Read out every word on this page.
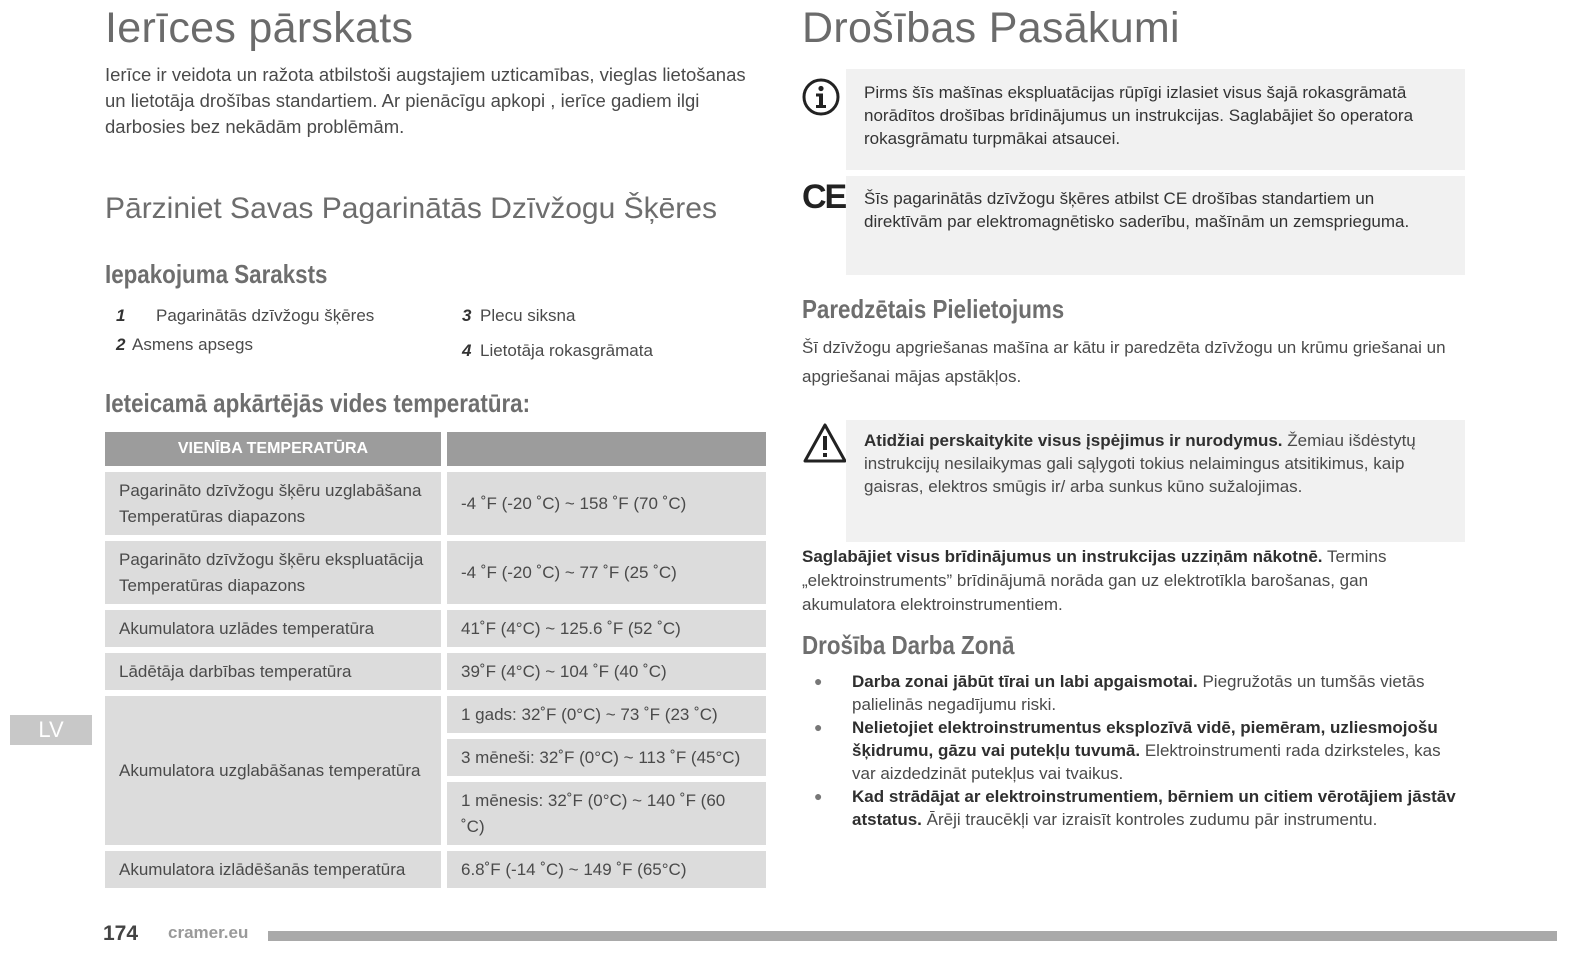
Ierīces pārskats
Ierīce ir veidota un ražota atbilstoši augstajiem uzticamības, vieglas lietošanas un lietotāja drošības standartiem. Ar pienācīgu apkopi , ierīce gadiem ilgi darbosies bez nekādām problēmām.
Pārziniet Savas Pagarinātās Dzīvžogu Šķēres
Iepakojuma Saraksts
1 Pagarinātās dzīvžogu šķēres
2 Asmens apsegs
3 Plecu siksna
4 Lietotāja rokasgrāmata
Ieteicamā apkārtējās vides temperatūra:
VIENĪBA TEMPERATŪRA	
Pagarināto dzīvžogu šķēru uzglabāšana Temperatūras diapazons	-4 ˚F (-20 ˚C) ~ 158 ˚F (70 ˚C)
Pagarināto dzīvžogu šķēru ekspluatācija Temperatūras diapazons	-4 ˚F (-20 ˚C) ~ 77 ˚F (25 ˚C)
Akumulatora uzlādes temperatūra	41˚F (4°C) ~ 125.6 ˚F (52 ˚C)
Lādētāja darbības temperatūra	39˚F (4°C) ~ 104 ˚F (40 ˚C)
Akumulatora uzglabāšanas temperatūra	1 gads: 32˚F (0°C) ~ 73 ˚F (23 ˚C)
	3 mēneši: 32˚F (0°C) ~ 113 ˚F (45°C)
	1 mēnesis: 32˚F (0°C) ~ 140 ˚F (60 ˚C)
Akumulatora izlādēšanās temperatūra	6.8˚F (-14 ˚C) ~ 149 ˚F (65°C)
LV
Drošības Pasākumi
Pirms šīs mašīnas ekspluatācijas rūpīgi izlasiet visus šajā rokasgrāmatā norādītos drošības brīdinājumus un instrukcijas. Saglabājiet šo operatora rokasgrāmatu turpmākai atsaucei.
CE Šīs pagarinātās dzīvžogu šķēres atbilst CE drošības standartiem un direktīvām par elektromagnētisko saderību, mašīnām un zemsprieguma.
Paredzētais Pielietojums
Šī dzīvžogu apgriešanas mašīna ar kātu ir paredzēta dzīvžogu un krūmu griešanai un apgriešanai mājas apstākļos.
Atidžiai perskaitykite visus įspėjimus ir nurodymus. Žemiau išdėstytų instrukcijų nesilaikymas gali sąlygoti tokius nelaimingus atsitikimus, kaip gaisras, elektros smūgis ir/ arba sunkus kūno sužalojimas.
Saglabājiet visus brīdinājumus un instrukcijas uzziņām nākotnē. Termins „elektroinstruments” brīdinājumā norāda gan uz elektrotīkla barošanas, gan akumulatora elektroinstrumentiem.
Drošība Darba Zonā
● Darba zonai jābūt tīrai un labi apgaismotai. Piegružotās un tumšās vietās palielinās negadījumu riski.
● Nelietojiet elektroinstrumentus eksplozīvā vidē, piemēram, uzliesmojošu šķidrumu, gāzu vai putekļu tuvumā. Elektroinstrumenti rada dzirksteles, kas var aizdedzināt putekļus vai tvaikus.
● Kad strādājat ar elektroinstrumentiem, bērniem un citiem vērotājiem jāstāv atstatus. Ārēji traucēkļi var izraisīt kontroles zudumu pār instrumentu.
174 cramer.eu
